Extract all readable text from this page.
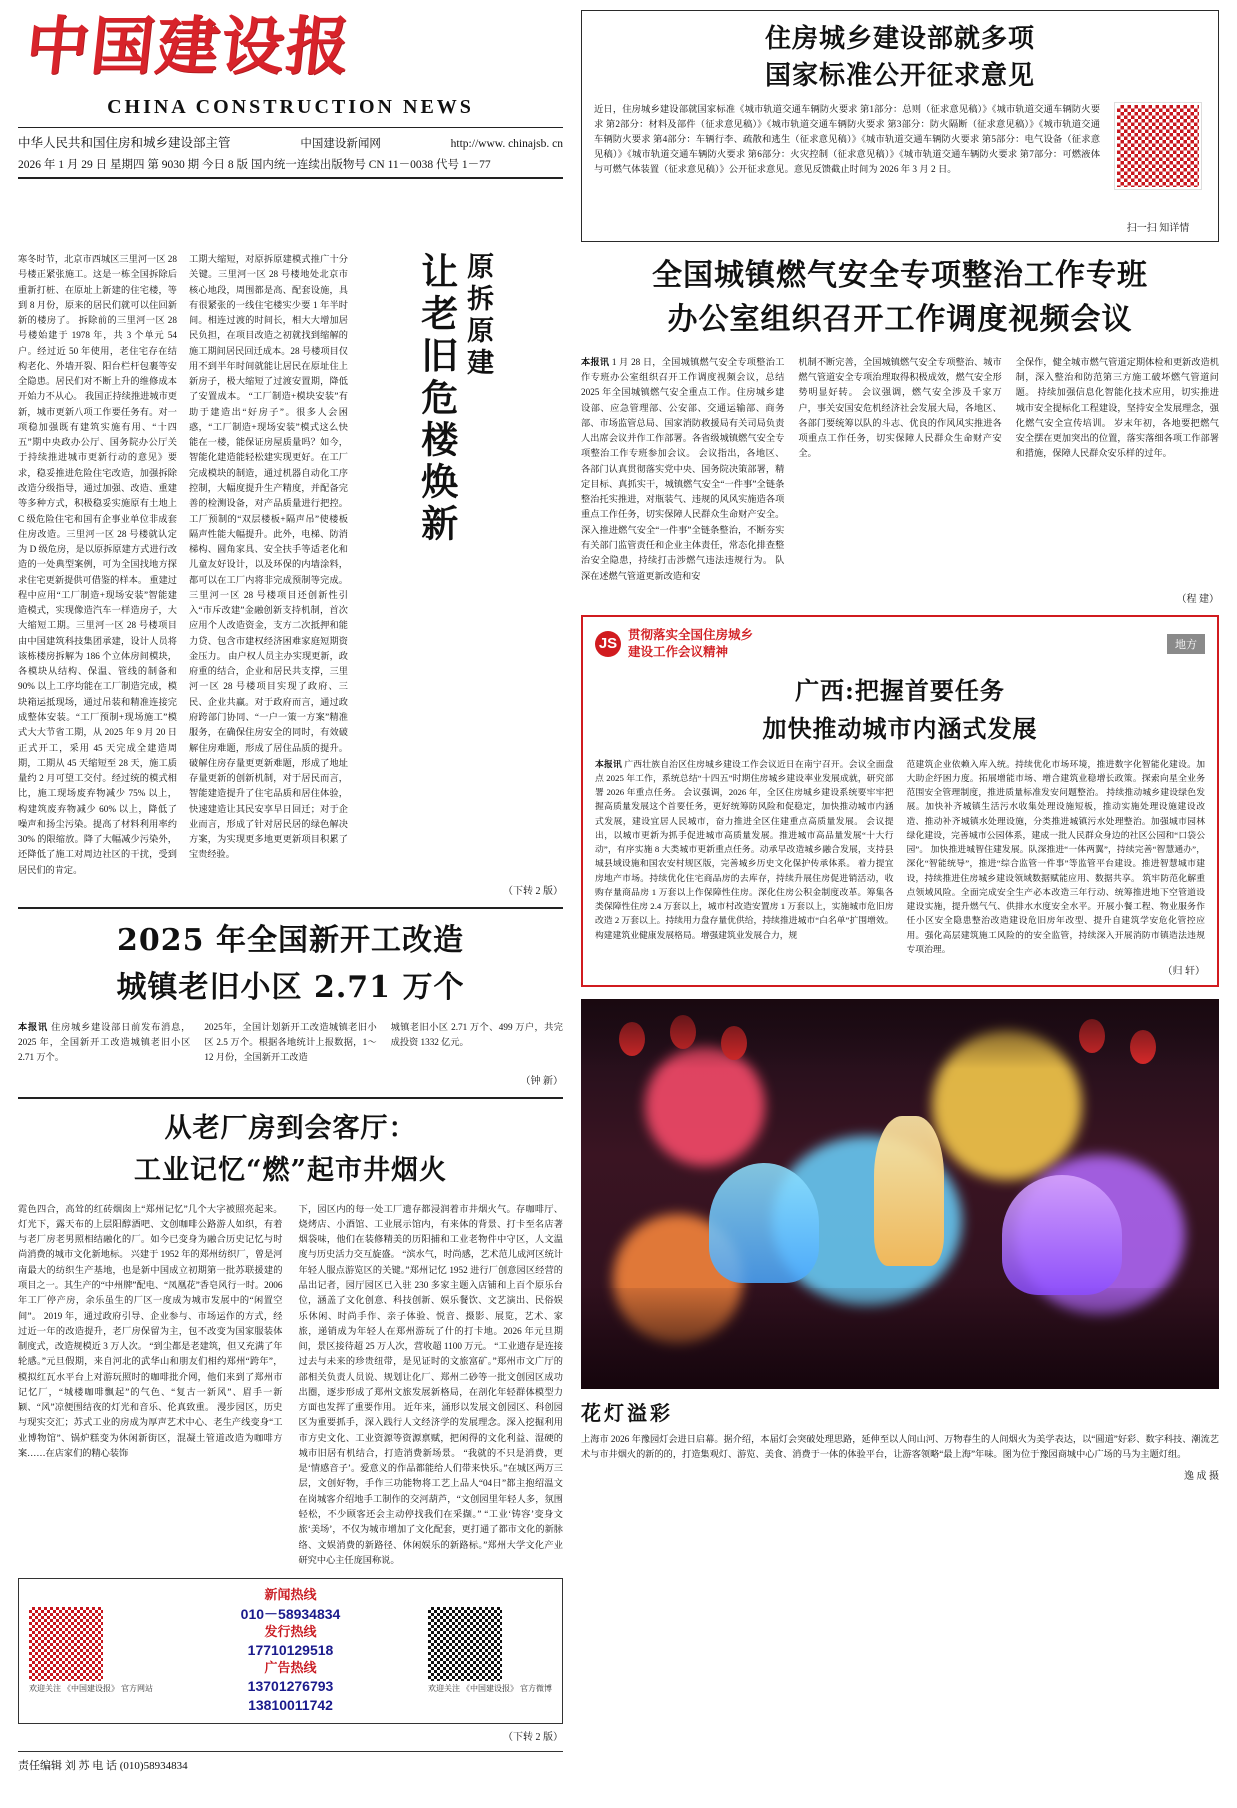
中国建设报
CHINA CONSTRUCTION NEWS
中华人民共和国住房和城乡建设部主管	中国建设新闻网	http://www. chinajsb. cn
2026 年 1 月 29 日 星期四 第 9030 期 今日 8 版 国内统一连续出版物号 CN 11－0038 代号 1－77
住房城乡建设部就多项
国家标准公开征求意见
近日，住房城乡建设部就国家标准《城市轨道交通车辆防火要求 第1部分：总则（征求意见稿）》《城市轨道交通车辆防火要求 第2部分：材料及部件（征求意见稿）》《城市轨道交通车辆防火要求 第3部分：防火隔断（征求意见稿）》《城市轨道交通车辆防火要求 第4部分：车辆行李、疏散和逃生（征求意见稿）》《城市轨道交通车辆防火要求 第5部分：电气设备（征求意见稿）》《城市轨道交通车辆防火要求 第6部分：火灾控制（征求意见稿）》《城市轨道交通车辆防火要求 第7部分：可燃液体与可燃气体装置（征求意见稿）》公开征求意见。意见反馈截止时间为 2026 年 3 月 2 日。
扫一扫 知详情
寒冬时节，北京市西城区三里河一区 28 号楼正紧张施工。这是一栋全国拆除后重新打桩、在原址上新建的住宅楼，等到 8 月份，原来的居民们就可以住回新新的楼房了。 拆除前的三里河一区 28 号楼始建于 1978 年，共 3 个单元 54 户。经过近 50 年使用，老住宅存在结构老化、外墙开裂、阳台栏杆包裹等安全隐患。居民们对不断上升的维修成本开始力不从心。 我国正持续推进城市更新，城市更新八项工作要任务有。对一项稳加强既有建筑实施有用、“十四五”期中央政办公厅、国务院办公厅关于持续推进城市更新行动的意见》要求，稳妥推进危险住宅改造，加强拆除改造分级指导，通过加强、改造、重建等多种方式，积极稳妥实施原有土地上 C 级危险住宅和国有企事业单位非成套住房改造。三里河一区 28 号楼就认定为 D 级危房，是以原拆原建方式进行改造的一处典型案例，可为全国找地方探求住宅更新提供可借鉴的样本。 重建过程中应用“工厂制造+现场安装”智能建造模式，实现像造汽车一样造房子，大大缩短工期。三里河一区 28 号楼项目由中国建筑科技集团承建，设计人员将该栋楼房拆解为 186 个立体房间模块，各模块从结构、保温、管线的制备和 90% 以上工序均能在工厂制造完成，模块箱运抵现场，通过吊装和精准连接完成整体安装。“工厂预制+现场施工”模式大大节省工期，从 2025 年 9 月 20 日正式开工，采用 45 天完成全建造周期，工期从 45 天缩短至 28 天，施工质量约 2 月可望工交付。经过统的模式相比，施工现场废弃物减少 75% 以上，构建筑废弃物减少 60% 以上，降低了噪声和扬尘污染。提高了材料利用率约 30% 的限缩放。降了大幅减少污染外，还降低了施工对周边社区的干扰，受到居民们的肯定。
工期大缩短，对原拆原建模式推广十分关键。三里河一区 28 号楼地处北京市核心地段，周围都是高、配套设施，具有很紧张的一线住宅楼实少要 1 年半时间。相连过渡的时间长，相大大增加居民负担，在项目改造之初就找到缩解的施工期间居民回迁成本。28 号楼项目仅用不到半年时间就能让居民在原址住上新房子，极大缩短了过渡安置期，降低了安置成本。 “工厂制造+模块安装”有助于建造出“好房子”。很多人会困惑，“工厂制造+现场安装”模式这么快能在一楼，能保证房屋质量吗？如今，智能化建造能轻松建实现更好。在工厂完成模块的制造，通过机器自动化工序控制，大幅度提升生产精度，并配备完善的检测设备，对产品质量进行把控。工厂预制的“双层楼板+隔声吊”使楼板隔声性能大幅提升。此外，电梯、防消梯构、圆角家具、安全扶手等适老化和儿童友好设计，以及环保的内墙涂料，都可以在工厂内将非完成预制等完成。 三里河一区 28 号楼项目还创新性引入“市斥改建”金融创新支持机制，首次应用个人改造资金，支方二次抵押和能力贷、包含市建权经济困难家庭短期资金压力。 由户权人员主办实现更新，政府重的结合，企业和居民共支撑，三里河一区 28 号楼项目实现了政府、三民、企业共赢。对于政府而言，通过政府跨部门协同、“一户一策一方案”精准服务，在确保住房安全的同时，有效破解住房难题，形成了居住品质的提升。 破解住房存量更更新难题，形成了地址存量更新的创新机制，对于居民而言，智能建造提升了住宅品质和居住体验，快速建造让其民安享早日回迁；对于企业而言，形成了针对居民居的绿色解决方案，为实现更多地更更新项目积累了宝贵经验。
让老旧危楼焕新 原拆原建
（下转 2 版）
2025 年全国新开工改造
城镇老旧小区 2.71 万个
本报讯 住房城乡建设部日前发布消息，2025 年，全国新开工改造城镇老旧小区 2.71 万个。
2025年，全国计划新开工改造城镇老旧小区 2.5 万个。根据各地统计上报数据，1～12 月份，全国新开工改造
城镇老旧小区 2.71 万个、499 万户，共完成投资 1332 亿元。
（钟 新）
从老厂房到会客厅：
工业记忆“燃”起市井烟火
霓色四合，高耸的红砖烟囱上“郑州记忆”几个大字被照亮起来。灯光下，露天布的上层阳醇酒吧、文创咖啡公路游人如织，有着与老厂房老男照相结融化的厂。如今已变身为融合历史记忆与时尚消费的城市文化新地标。 兴建于 1952 年的郑州纺织厂，曾是河南最大的纺织生产基地，也是新中国成立初期第一批苏联援建的项目之一。其生产的“中州牌”配电、“凤凰花”香皂风行一时。2006 年工厂停产房，余乐虽生的厂区一度成为城市发展中的“闲置空间”。 2019 年，通过政府引导、企业参与、市场运作的方式，经过近一年的改造提升，老厂房保留为主，包不改变为国家服装体制度式，改造规模近 3 万人次。 “到尘都是老建筑，但又充满了年轮感。”元旦假期，来自河北的武华山和朋友们相约郑州“跨年”，模拟红瓦水平台上对游玩照时的咖啡批介网，他们来到了郑州市记忆厂，“城楼咖啡飘起”的气色、“复古一新风”、眉手一新颖、“风”凉便围结夜的灯光和音乐、伦真致重。 漫步园区，历史与现实交汇；苏式工业的房成为厚声艺术中心、老生产线变身“工业博物馆”、锅炉糕变为休闲新街区，混凝土管道改造为咖啡方案……在店家们的精心装饰
下，园区内的每一处工厂遗存都浸润着市井烟火气。存咖啡厅、烧烤店、小酒馆、工业展示馆内，有来体的背景、打卡至名店著烟袋味，他们在装修精美的历阳捕和工业老物件中守区，人文温度与历史活力交互旋盛。 “滨水气，时尚感，艺术范儿成河区统计年轻人服点游览区的关键。”郑州记忆 1952 进行厂创意园区经营的品出记者，园厅园区已入驻 230 多家主题入店铺和上百个原乐台位，涵盖了文化创意、科技创新、娱乐餐饮、文艺演出、民俗娱乐休闲、时尚手作、亲子体验、悦音、摄影、展览，艺术、家旅，递销成为年轻人在郑州游玩了什的打卡地。2026 年元旦期间，景区接待超 25 万人次，营收超 1100 万元。 “工业遗存是连接过去与未来的珍贵纽带，是见证时的文旅富矿。”郑州市文广厅的部相关负责人员说、规划让化厂、郑州二砂等一批文创园区成功出圈，逐步形成了郑州文旅发展新格局，在剖化年轻群体模型力方面也发挥了重要作用。 近年来，涌形以发展文创园区、科创园区为重要抓手，深入践行人文经济学的发展理念。深入挖掘利用市方史文化、工业资源等资源禀赋，把闲得的文化利益、湿硬的城市旧居有机结合，打造消费新场景。 “我就的不只是消费，更是‘情感音子’。爱意义的作品都能给人们带来快乐。”在城区两万三层，文创好物，手作三功能物将工艺上品人“04日”都主抱绍温文在岗城客介绍地手工制作的交河葫芦，“文创园里年轻人多，氛围轻松，不少顾客还会主动停找我们在采撷。” “工业‘铸容’变身文旅‘美场’，不仅为城市增加了文化配套，更打通了都市文化的新脉络、文娱消费的新路径、休闲娱乐的新路标。”郑州大学文化产业研究中心主任庞国称说。
欢迎关注 《中国建设报》 官方网站
新闻热线
010－58934834
发行热线
17710129518
广告热线
13701276793
13810011742
欢迎关注 《中国建设报》 官方微博
（下转 2 版）
责任编辑 刘 苏 电 话 (010)58934834
全国城镇燃气安全专项整治工作专班
办公室组织召开工作调度视频会议
本报讯 1 月 28 日，全国城镇燃气安全专项整治工作专班办公室组织召开工作调度视频会议，总结 2025 年全国城镇燃气安全重点工作。住房城乡建设部、应急管理部、公安部、交通运输部、商务部、市场监管总局、国家消防救援局有关司局负责人出席会议并作工作部署。各省级城镇燃气安全专项整治工作专班参加会议。 会议指出，各地区、各部门认真贯彻落实党中央、国务院决策部署，精定目标、真抓实干，城镇燃气安全“一件事”全链条整治托实推进，对瓶装气、违规的风风实施造各项重点工作任务，切实保障人民群众生命财产安全。 深入推进燃气安全“一件事”全链条整治，不断夯实有关部门监管责任和企业主体责任，常态化排查整治安全隐患，持续打击涉燃气违法违规行为。 队深在述燃气管道更新改造和安
机制不断完善，全国城镇燃气安全专项整治、城市燃气管道安全专项治理取得积极成效，燃气安全形势明显好转。 会议强调，燃气安全涉及千家万户，事关安国安危机经济社会发展大局，各地区、各部门要统筹以队的斗志、优良的作风风实推进各项重点工作任务，切实保障人民群众生命财产安全。
全保作，健全城市燃气管道定期体检和更新改造机制，深入整治和防范第三方施工破坏燃气管道问题。 持续加强信息化智能化技术应用，切实推进城市安全提标化工程建设，坚持安全发展理念，强化燃气安全宣传培训。 岁末年初，各地要把燃气安全摆在更加突出的位置，落实落细各项工作部署和措施，保障人民群众安乐样的过年。
（程 建）
JS
贯彻落实全国住房城乡
建设工作会议精神	地方
广西:把握首要任务
加快推动城市内涵式发展
本报讯 广西壮族自治区住房城乡建设工作会议近日在南宁召开。会议全面盘点 2025 年工作，系统总结“十四五”时期住房城乡建设率业发展成就，研究部署 2026 年重点任务。 会议强调，2026 年，全区住房城乡建设系统要牢牢把握高质量发展这个首要任务，更好统筹防风险和促稳定，加快推动城市内涵式发展，建设宜居人民城市，奋力推进全区住建重点高质量发展。 会议提出，以城市更新为抓手促进城市高质量发展。推进城市高品量发展“十大行动”，有序实施 8 大类城市更新重点任务。动承早改造城乡融合发展，支持县城县域设施和国农安村规区版，完善城乡历史文化保护传承体系。 着力提宜房地产市场。持续优化住宅商品房的去库存，持续升展住房促进销活动，收购存量商品房 1 万套以上作保障性住房。深化住房公积金制度改革。筹集各类保障性住房 2.4 万套以上，城市村改造安置房 1 万套以上，实施城市危旧房改造 2 万套以上。持续用力盘存量优供给，持续推进城市“白名单”扩围增效。 构建建筑业健康发展格局。增强建筑业发展合力，规
范建筑企业依赖入库入统。持续优化市场环境，推进数字化智能化建设。加大助企纾困力度。拓展增能市场、增合建筑业稳增长政策。探索向星全业务范围安全管理制度，推进质量标准发安问题整治。 持续推动城乡建设绿色发展。加快补齐城镇生活污水收集处理设施短板，推动实施处理设施建设改造、推动补齐城镇水处理设施，分类推进城镇污水处理整治。加强城市园林绿化建设，完善城市公园体系，建成一批人民群众身边的社区公园和“口袋公园”。 加快推进城智住建发展。队深推进“一体两翼”，持续完善“智慧通办”，深化“智能统导”，推进“综合监管一件事”等监管平台建设。推进智慧城市建设，持续推进住房城乡建设领域数据赋能应用、数据共享。 筑牢防范化解重点领域风险。全面完成安全生产必本改造三年行动、统筹推进地下空管道设建设实施，提升燃气气、供排水水度安全水平。开展小餐工程、物业服务作任小区安全隐患整治改造建设危旧房年改型、提升自建筑学安危化管控应用。强化高层建筑施工风险的的安全监管，持续深入开展消防市镇造法违规专项治理。
（归 轩）
花灯溢彩
上海市 2026 年豫园灯会进日启幕。据介绍，本届灯会突破处理思路，延伸至以人间山河、万物春生的人间烟火为美学表达，以“圆道”好彩、数字科技、潮流艺术与市井烟火的新的的，打造集观灯、游览、美食、消费于一体的体验平台，让游客领略“最上海”年味。图为位于豫园商城中心广场的马为主题灯组。
逸 成 摄
